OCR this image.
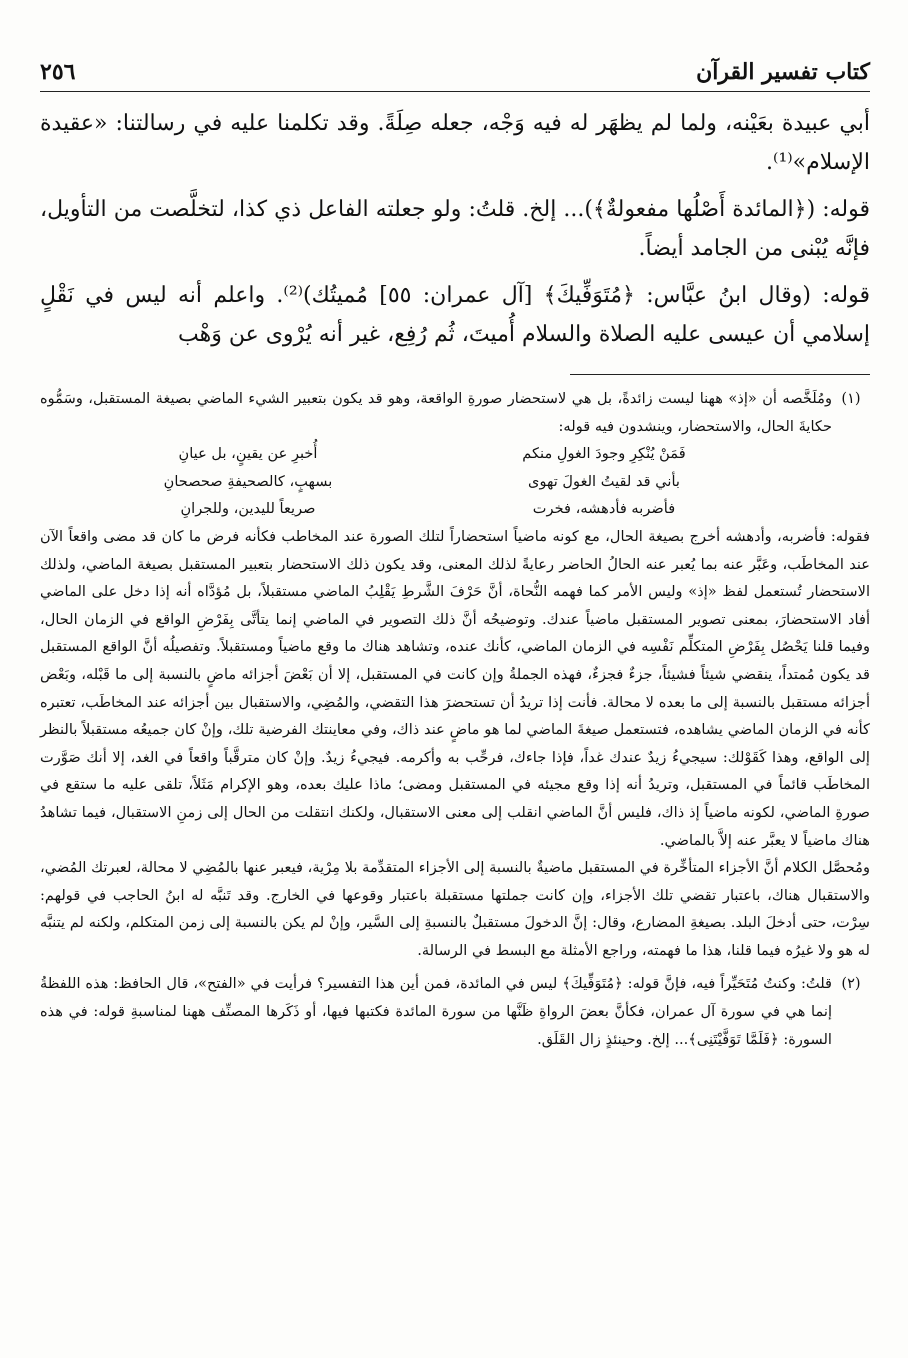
كتاب تفسير القرآن
٢٥٦

أبي عبيدة بعَيْنه، ولما لم يظهَر له فيه وَجْه، جعله صِلَةً. وقد تكلمنا عليه في رسالتنا: «عقيدة الإسلام»⁽¹⁾.

قوله: (﴿المائدة أَصْلُها مفعولةٌ﴾)... إلخ. قلتُ: ولو جعلته الفاعل ذي كذا، لتخلَّصت من التأويل، فإنَّه يُبْنى من الجامد أيضاً.

قوله: (وقال ابنُ عبَّاس: ﴿مُتَوَفِّيكَ﴾ [آل عمران: ٥٥] مُميتُك)⁽²⁾. واعلم أنه ليس في نَقْلٍ إسلامي أن عيسى عليه الصلاة والسلام أُميتَ، ثُم رُفِع، غير أنه يُرْوى عن وَهْب

(١)

ومُلَخَّصه أن «إذ» ههنا ليست زائدةً، بل هي لاستحضار صورةِ الواقعة، وهو قد يكون بتعبير الشيء الماضي بصيغة المستقبل، وسَمُّوه حكايةَ الحال، والاستحضار، وينشدون فيه قوله:

فَمَنْ يُنْكِرِ وجودَ الغولِ منكم
أُخبرِ عن يقينٍ، بل عيانِ
بأني قد لقيتُ الغولَ تهوى
بسهبٍ، كالصحيفةِ صحصحانِ
فأضربه فأدهشه، فخرت
صريعاً لليدين، وللجرانِ

فقوله: فأضربه، وأدهشه أخرج بصيغة الحال، مع كونه ماضياً استحضاراً لتلك الصورة عند المخاطب فكأنه فرض ما كان قد مضى واقعاً الآن عند المخاطَب، وعَبَّر عنه بما يُعبر عنه الحالُ الحاضر رعايةً لذلك المعنى، وقد يكون ذلك الاستحضار بتعبير المستقبل بصيغة الماضي، ولذلك الاستحضار تُستعمل لفظ «إذ» وليس الأمر كما فهمه النُّحاة، أنَّ حَرْفَ الشَّرطِ يَقْلِبُ الماضي مستقبلاً، بل مُؤدَّاه أنه إذا دخل على الماضي أفاد الاستحضارَ، بمعنى تصوير المستقبل ماضياً عندك. وتوضيحُه أنَّ ذلك التصوير في الماضي إنما يتأتَّى بِفَرْضِ الواقع في الزمان الحال، وفيما قلنا يَحْصُل بِفَرْضِ المتكلِّم نَفْسِه في الزمان الماضي، كأنك عنده، وتشاهد هناك ما وقع ماضياً ومستقبلاً. وتفصيلُه أنَّ الواقع المستقبل قد يكون مُمتداً، ينقضي شيئاً فشيئاً، جزءٌ فجزءٌ، فهذه الجملةُ وإن كانت في المستقبل، إلا أن بَعْضَ أجزائه ماضٍ بالنسبة إلى ما قَبْله، وبَعْض أجزائه مستقبل بالنسبة إلى ما بعده لا محالة. فأنت إذا تريدُ أن تستحضرَ هذا التقضي، والمُضِي، والاستقبال بين أجزائه عند المخاطَب، تعتبره كأنه في الزمان الماضي يشاهده، فتستعمل صيغةَ الماضي لما هو ماضٍ عند ذاك، وفي معاينتك الفرضية تلك، وإنْ كان جميعُه مستقبلاً بالنظر إلى الواقع، وهذا كَقَوْلك: سيجيءُ زيدٌ عندك غداً، فإذا جاءك، فرحِّب به وأكرمه. فيجيءُ زيدٌ. وإنْ كان مترقَّباً واقعاً في الغد، إلا أنك صَوَّرت المخاطَب قائماً في المستقبل، وتريدُ أنه إذا وقع مجيئه في المستقبل ومضى؛ ماذا عليك بعده، وهو الإكرام مَثَلاً، تلقى عليه ما ستقع في صورةِ الماضي، لكونه ماضياً إذ ذاك، فليس أنَّ الماضي انقلب إلى معنى الاستقبال، ولكنك انتقلت من الحال إلى زمنِ الاستقبال، فيما تشاهدُ هناك ماضياً لا يعبَّر عنه إلاَّ بالماضي.

ومُحصَّل الكلام أنَّ الأجزاء المتأخِّرة في المستقبل ماضيةٌ بالنسبة إلى الأجزاء المتقدِّمة بلا مِرْية، فيعبر عنها بالمُضِي لا محالة، لعبرتك المُضي، والاستقبال هناك، باعتبار تقضي تلك الأجزاء، وإن كانت جملتها مستقبلة باعتبار وقوعها في الخارج. وقد تَنبَّه له ابنُ الحاجب في قولهم: سِرْت، حتى أدخلَ البلد. بصيغةِ المضارع، وقال: إنَّ الدخولَ مستقبلٌ بالنسبةِ إلى السَّير، وإنْ لم يكن بالنسبة إلى زمن المتكلم، ولكنه لم يتنبَّه له هو ولا غيرُه فيما قلنا، هذا ما فهمته، وراجع الأمثلة مع البسط في الرسالة.

(٢)

قلتُ: وكنتُ مُتَحَيِّراً فيه، فإنَّ قوله: ﴿مُتَوَفِّيكَ﴾ ليس في المائدة، فمن أين هذا التفسير؟ فرأيت في «الفتح»، قال الحافظ: هذه اللفظةُ إنما هي في سورة آل عمران، فكأنَّ بعضَ الرواةِ ظَنَّها من سورة المائدة فكتبها فيها، أو ذَكَرها المصنِّف ههنا لمناسبةِ قوله: في هذه السورة: ﴿فَلَمَّا تَوَفَّيْتَنِى﴾... إلخ. وحينئذٍ زال القَلَق.
